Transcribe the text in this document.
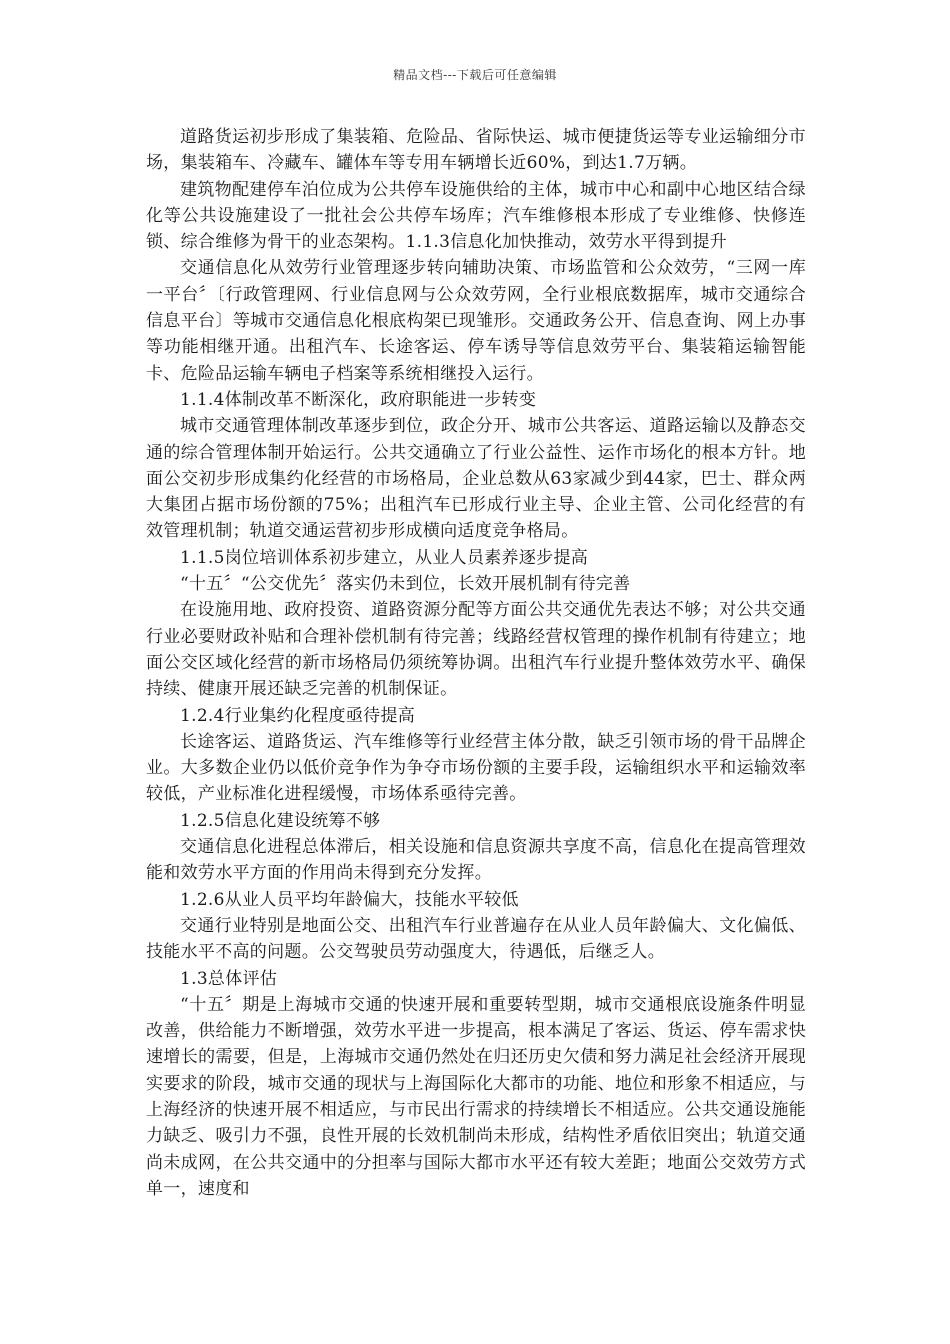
精品文档---下载后可任意编辑

道路货运初步形成了集装箱、危险品、省际快运、城市便捷货运等专业运输细分市场，集装箱车、冷藏车、罐体车等专用车辆增长近60%，到达1.7万辆。

建筑物配建停车泊位成为公共停车设施供给的主体，城市中心和副中心地区结合绿化等公共设施建设了一批社会公共停车场库；汽车维修根本形成了专业维修、快修连锁、综合维修为骨干的业态架构。1.1.3信息化加快推动，效劳水平得到提升

交通信息化从效劳行业管理逐步转向辅助决策、市场监管和公众效劳，“三网一库一平台〞〔行政管理网、行业信息网与公众效劳网，全行业根底数据库，城市交通综合信息平台〕等城市交通信息化根底构架已现雏形。交通政务公开、信息查询、网上办事等功能相继开通。出租汽车、长途客运、停车诱导等信息效劳平台、集装箱运输智能卡、危险品运输车辆电子档案等系统相继投入运行。

1.1.4体制改革不断深化，政府职能进一步转变

城市交通管理体制改革逐步到位，政企分开、城市公共客运、道路运输以及静态交通的综合管理体制开始运行。公共交通确立了行业公益性、运作市场化的根本方针。地面公交初步形成集约化经营的市场格局，企业总数从63家减少到44家，巴士、群众两大集团占据市场份额的75%；出租汽车已形成行业主导、企业主管、公司化经营的有效管理机制；轨道交通运营初步形成横向适度竞争格局。

1.1.5岗位培训体系初步建立，从业人员素养逐步提高

“十五〞“公交优先〞落实仍未到位，长效开展机制有待完善

在设施用地、政府投资、道路资源分配等方面公共交通优先表达不够；对公共交通行业必要财政补贴和合理补偿机制有待完善；线路经营权管理的操作机制有待建立；地面公交区域化经营的新市场格局仍须统筹协调。出租汽车行业提升整体效劳水平、确保持续、健康开展还缺乏完善的机制保证。

1.2.4行业集约化程度亟待提高

长途客运、道路货运、汽车维修等行业经营主体分散，缺乏引领市场的骨干品牌企业。大多数企业仍以低价竞争作为争夺市场份额的主要手段，运输组织水平和运输效率较低，产业标准化进程缓慢，市场体系亟待完善。

1.2.5信息化建设统筹不够

交通信息化进程总体滞后，相关设施和信息资源共享度不高，信息化在提高管理效能和效劳水平方面的作用尚未得到充分发挥。

1.2.6从业人员平均年龄偏大，技能水平较低

交通行业特别是地面公交、出租汽车行业普遍存在从业人员年龄偏大、文化偏低、技能水平不高的问题。公交驾驶员劳动强度大，待遇低，后继乏人。

1.3总体评估

“十五〞期是上海城市交通的快速开展和重要转型期，城市交通根底设施条件明显改善，供给能力不断增强，效劳水平进一步提高，根本满足了客运、货运、停车需求快速增长的需要，但是，上海城市交通仍然处在归还历史欠债和努力满足社会经济开展现实要求的阶段，城市交通的现状与上海国际化大都市的功能、地位和形象不相适应，与上海经济的快速开展不相适应，与市民出行需求的持续增长不相适应。公共交通设施能力缺乏、吸引力不强，良性开展的长效机制尚未形成，结构性矛盾依旧突出；轨道交通尚未成网，在公共交通中的分担率与国际大都市水平还有较大差距；地面公交效劳方式单一，速度和
